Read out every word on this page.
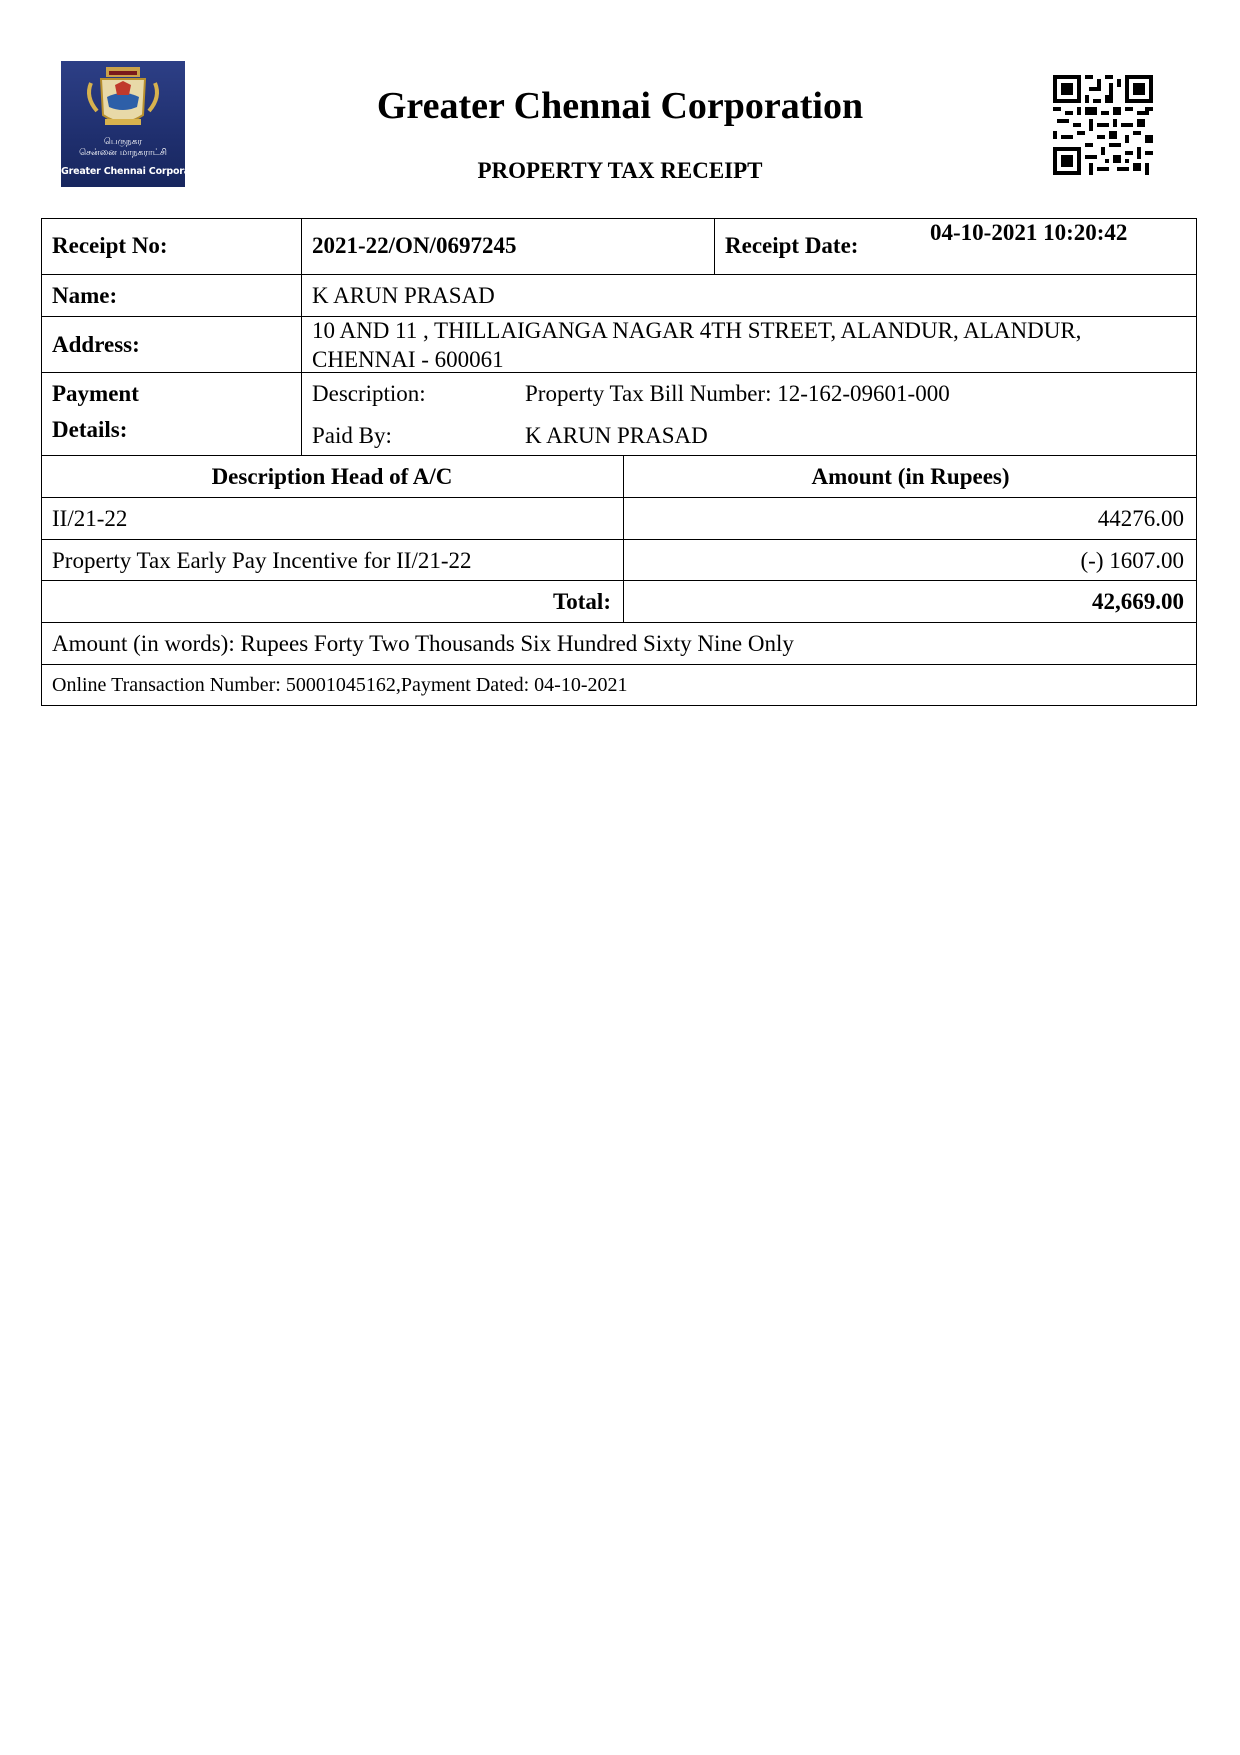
பெருநகர
சென்னை மாநகராட்சி
Greater Chennai Corporation
Greater Chennai Corporation
PROPERTY TAX RECEIPT
Receipt No:	2021-22/ON/0697245	Receipt Date:
04-10-2021 10:20:42
Name:	K ARUN PRASAD
Address:
10 AND 11 , THILLAIGANGA NAGAR 4TH STREET, ALANDUR, ALANDUR,
CHENNAI - 600061
Payment
Details:
Description:	Property Tax Bill Number: 12-162-09601-000
Paid By:	K ARUN PRASAD
Description Head of A/C	Amount (in Rupees)
II/21-22	44276.00
Property Tax Early Pay Incentive for II/21-22	(-) 1607.00
Total:	42,669.00
Amount (in words): Rupees Forty Two Thousands Six Hundred Sixty Nine Only
Online Transaction Number: 50001045162,Payment Dated: 04-10-2021
